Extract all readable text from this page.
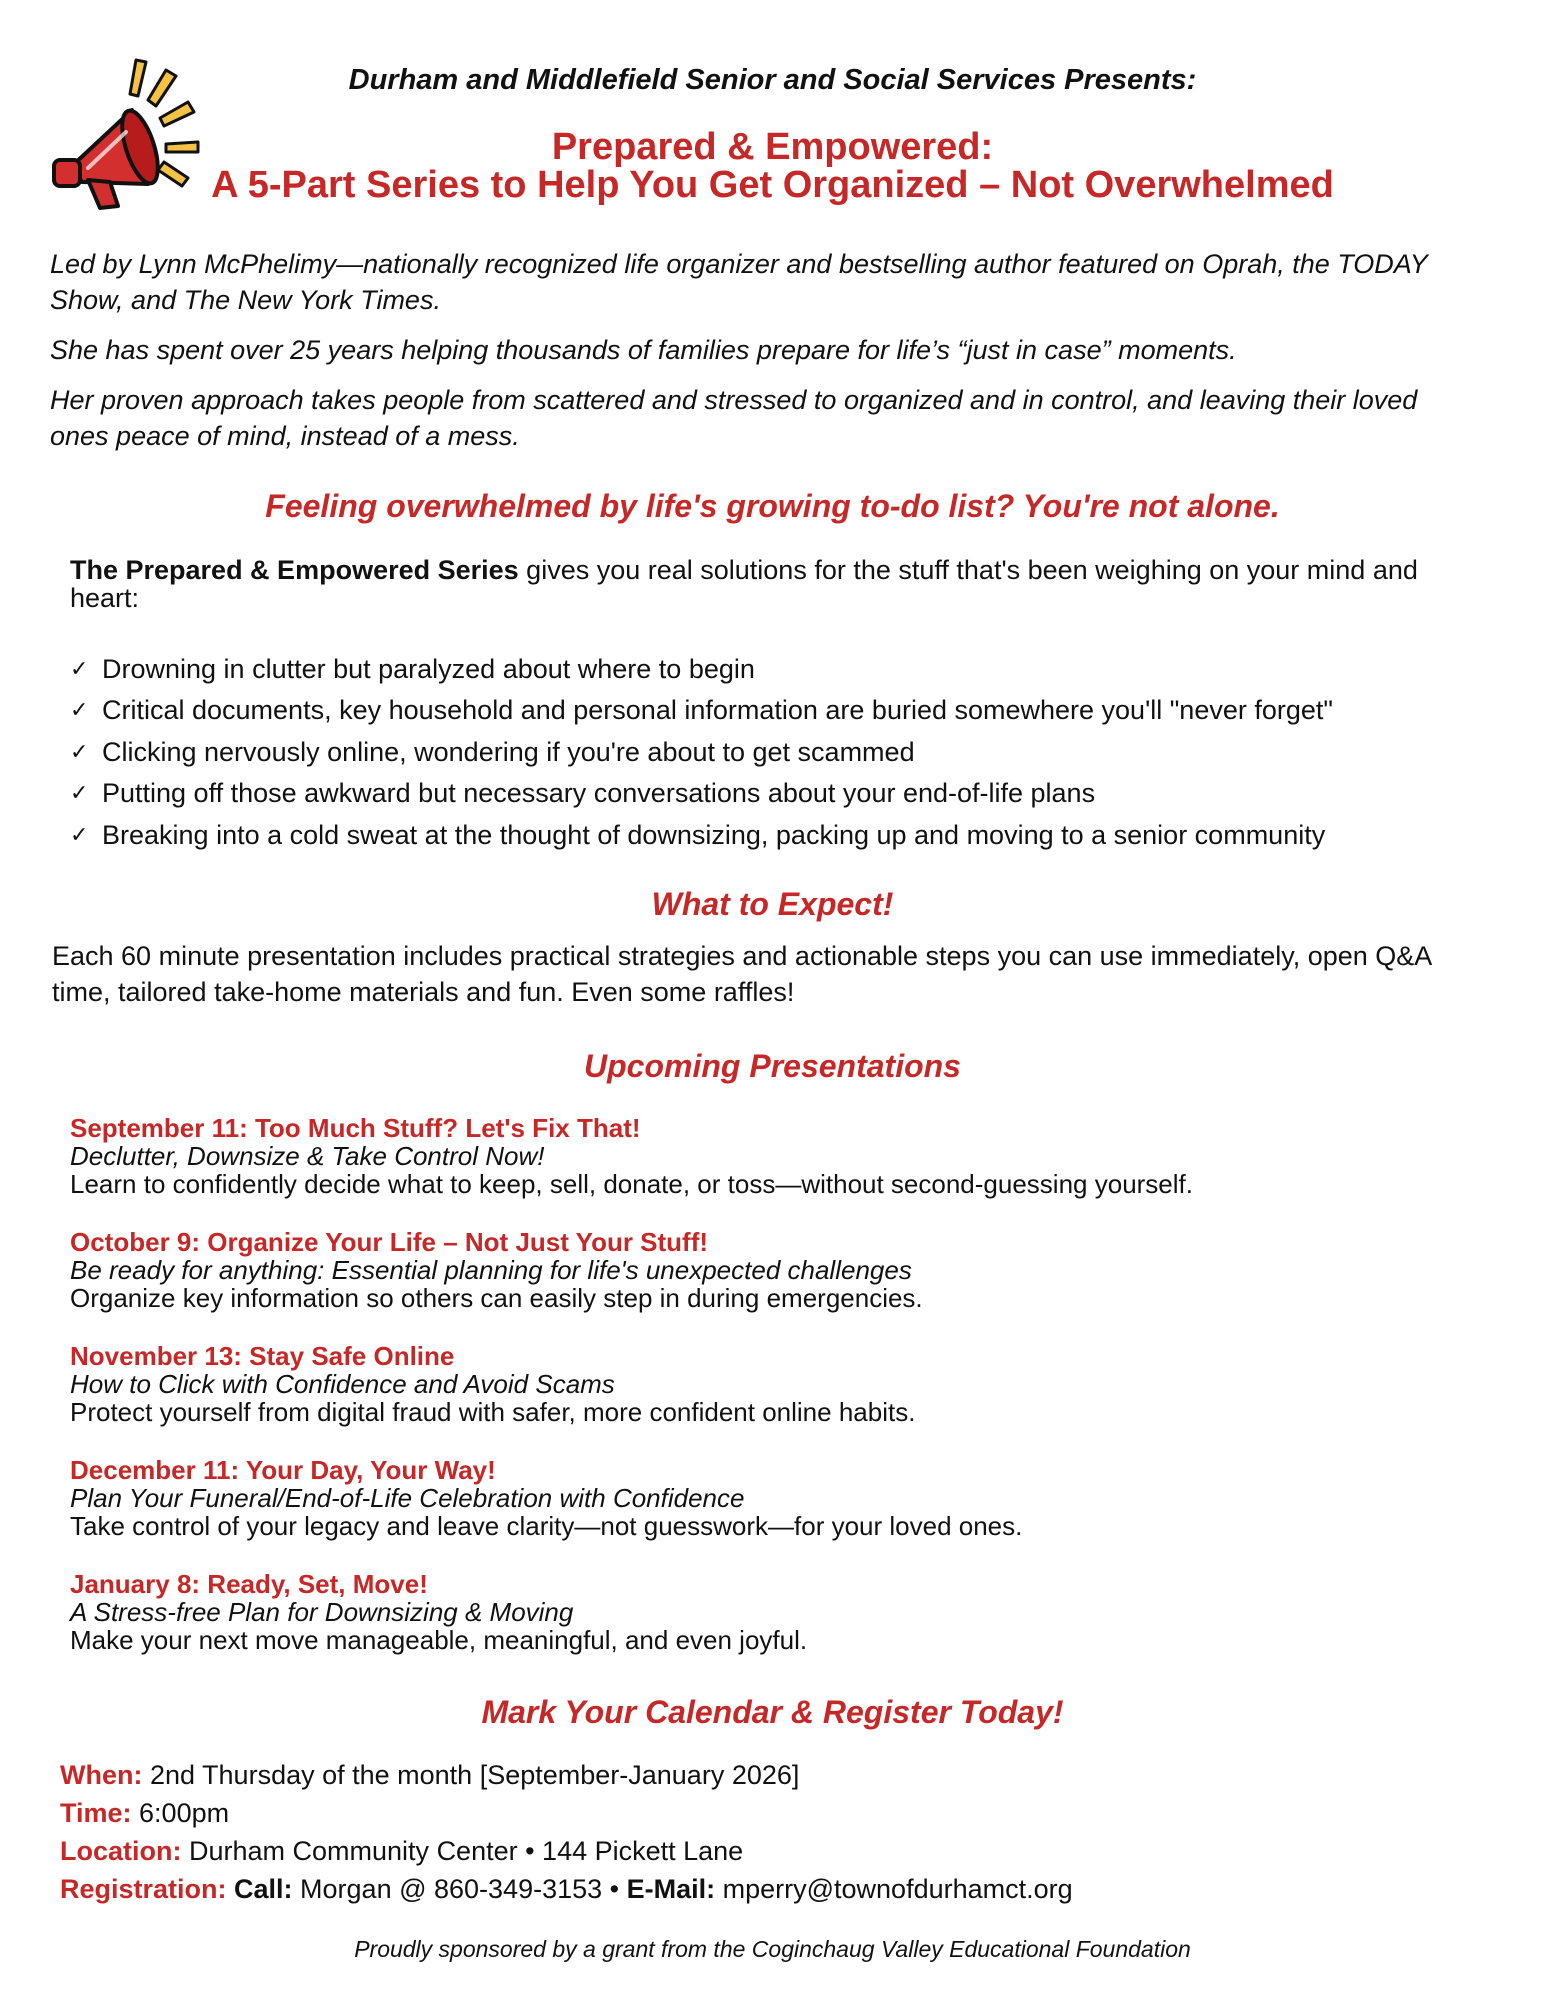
Durham and Middlefield Senior and Social Services Presents:
Prepared & Empowered:
A 5-Part Series to Help You Get Organized – Not Overwhelmed

Led by Lynn McPhelimy—nationally recognized life organizer and bestselling author featured on Oprah, the TODAY Show, and The New York Times.

She has spent over 25 years helping thousands of families prepare for life’s “just in case” moments.

Her proven approach takes people from scattered and stressed to organized and in control, and leaving their loved ones peace of mind, instead of a mess.

Feeling overwhelmed by life's growing to-do list? You're not alone.
The Prepared & Empowered Series gives you real solutions for the stuff that's been weighing on your mind and heart:
✓ Drowning in clutter but paralyzed about where to begin
✓ Critical documents, key household and personal information are buried somewhere you'll "never forget"
✓ Clicking nervously online, wondering if you're about to get scammed
✓ Putting off those awkward but necessary conversations about your end-of-life plans
✓ Breaking into a cold sweat at the thought of downsizing, packing up and moving to a senior community
What to Expect!
Each 60 minute presentation includes practical strategies and actionable steps you can use immediately, open Q&A time, tailored take-home materials and fun. Even some raffles!
Upcoming Presentations
September 11: Too Much Stuff? Let's Fix That!
Declutter, Downsize & Take Control Now!
Learn to confidently decide what to keep, sell, donate, or toss—without second-guessing yourself.
October 9: Organize Your Life – Not Just Your Stuff!
Be ready for anything: Essential planning for life's unexpected challenges
Organize key information so others can easily step in during emergencies.
November 13: Stay Safe Online
How to Click with Confidence and Avoid Scams
Protect yourself from digital fraud with safer, more confident online habits.
December 11: Your Day, Your Way!
Plan Your Funeral/End-of-Life Celebration with Confidence
Take control of your legacy and leave clarity—not guesswork—for your loved ones.
January 8: Ready, Set, Move!
A Stress-free Plan for Downsizing & Moving
Make your next move manageable, meaningful, and even joyful.
Mark Your Calendar & Register Today!
When: 2nd Thursday of the month [September-January 2026]
Time: 6:00pm
Location: Durham Community Center • 144 Pickett Lane
Registration: Call: Morgan @ 860-349-3153 • E-Mail: mperry@townofdurhamct.org
Proudly sponsored by a grant from the Coginchaug Valley Educational Foundation
